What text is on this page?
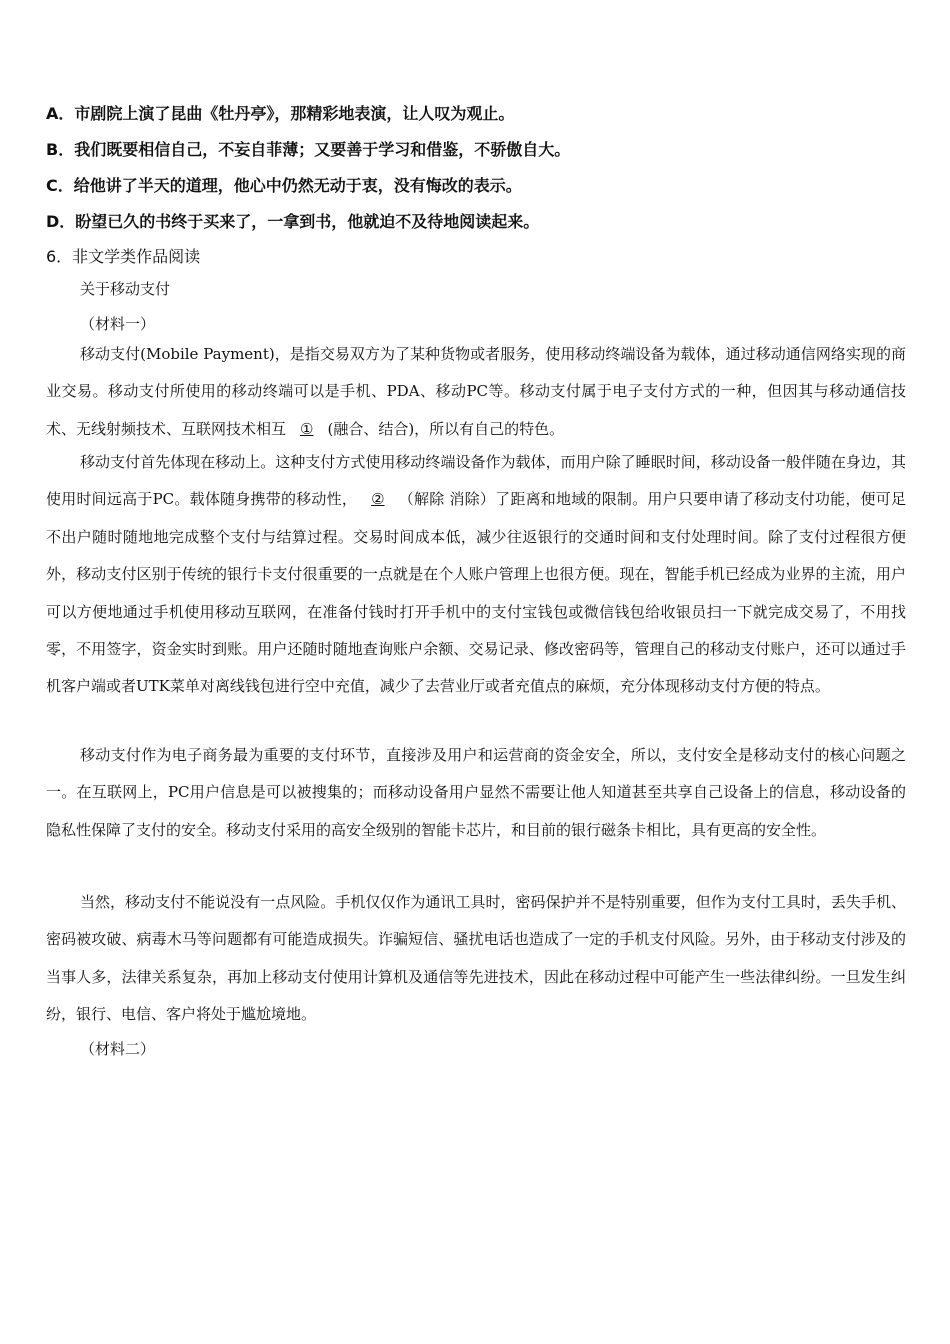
A．市剧院上演了昆曲《牡丹亭》，那精彩地表演，让人叹为观止。
B．我们既要相信自己，不妄自菲薄；又要善于学习和借鉴，不骄傲自大。
C．给他讲了半天的道理，他心中仍然无动于衷，没有悔改的表示。
D．盼望已久的书终于买来了，一拿到书，他就迫不及待地阅读起来。
6．非文学类作品阅读
关于移动支付
（材料一）

移动支付(Mobile Payment)，是指交易双方为了某种货物或者服务，使用移动终端设备为载体，通过移动通信网络实现的商业交易。移动支付所使用的移动终端可以是手机、PDA、移动PC等。移动支付属于电子支付方式的一种，但因其与移动通信技术、无线射频技术、互联网技术相互 ① (融合、结合)，所以有自己的特色。

移动支付首先体现在移动上。这种支付方式使用移动终端设备作为载体，而用户除了睡眠时间，移动设备一般伴随在身边，其使用时间远高于PC。载体随身携带的移动性， ② （解除 消除）了距离和地域的限制。用户只要申请了移动支付功能，便可足不出户随时随地地完成整个支付与结算过程。交易时间成本低，减少往返银行的交通时间和支付处理时间。除了支付过程很方便外，移动支付区别于传统的银行卡支付很重要的一点就是在个人账户管理上也很方便。现在，智能手机已经成为业界的主流，用户可以方便地通过手机使用移动互联网，在准备付钱时打开手机中的支付宝钱包或微信钱包给收银员扫一下就完成交易了，不用找零，不用签字，资金实时到账。用户还随时随地查询账户余额、交易记录、修改密码等，管理自己的移动支付账户，还可以通过手机客户端或者UTK菜单对离线钱包进行空中充值，减少了去营业厅或者充值点的麻烦，充分体现移动支付方便的特点。

移动支付作为电子商务最为重要的支付环节，直接涉及用户和运营商的资金安全，所以，支付安全是移动支付的核心问题之一。在互联网上，PC用户信息是可以被搜集的；而移动设备用户显然不需要让他人知道甚至共享自己设备上的信息，移动设备的隐私性保障了支付的安全。移动支付采用的高安全级别的智能卡芯片，和目前的银行磁条卡相比，具有更高的安全性。

当然，移动支付不能说没有一点风险。手机仅仅作为通讯工具时，密码保护并不是特别重要，但作为支付工具时，丢失手机、密码被攻破、病毒木马等问题都有可能造成损失。诈骗短信、骚扰电话也造成了一定的手机支付风险。另外，由于移动支付涉及的当事人多，法律关系复杂，再加上移动支付使用计算机及通信等先进技术，因此在移动过程中可能产生一些法律纠纷。一旦发生纠纷，银行、电信、客户将处于尴尬境地。

（材料二）
